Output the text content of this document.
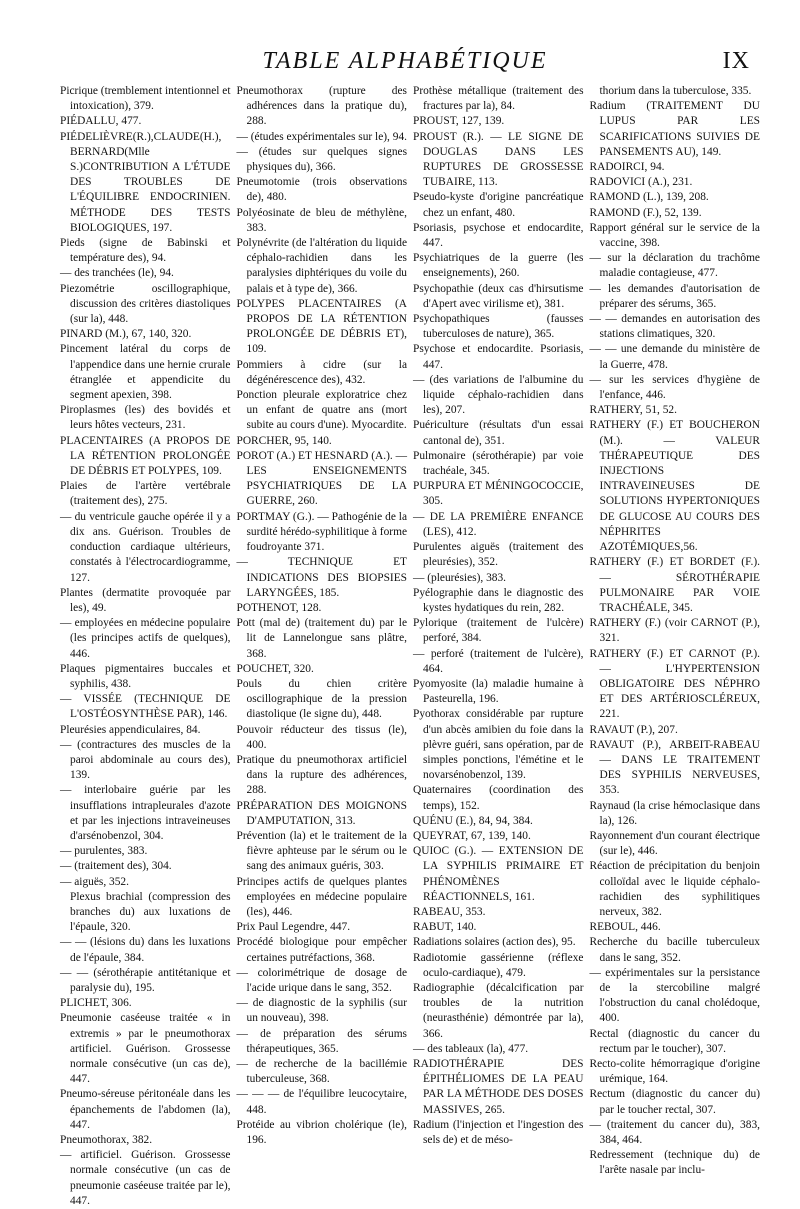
TABLE ALPHABÉTIQUE	IX

Picrique (tremblement intentionnel et intoxication), 379.

PIÉDALLU, 477.

PIÉDELIÈVRE(R.),CLAUDE(H.), BERNARD(Mlle S.)CONTRIBUTION A L'ÉTUDE DES TROUBLES DE L'ÉQUILIBRE ENDOCRINIEN. MÉTHODE DES TESTS BIOLOGIQUES, 197.

Pieds (signe de Babinski et température des), 94.

— des tranchées (le), 94.

Piezométrie oscillographique, discussion des critères diastoliques (sur la), 448.

PINARD (M.), 67, 140, 320.

Pincement latéral du corps de l'appendice dans une hernie crurale étranglée et appendicite du segment apexien, 398.

Piroplasmes (les) des bovidés et leurs hôtes vecteurs, 231.

PLACENTAIRES (A PROPOS DE LA RÉTENTION PROLONGÉE DE DÉBRIS ET POLYPES, 109.

Plaies de l'artère vertébrale (traitement des), 275.

— du ventricule gauche opérée il y a dix ans. Guérison. Troubles de conduction cardiaque ultérieurs, constatés à l'électrocardiogramme, 127.

Plantes (dermatite provoquée par les), 49.

— employées en médecine populaire (les principes actifs de quelques), 446.

Plaques pigmentaires buccales et syphilis, 438.

— VISSÉE (TECHNIQUE DE L'OSTÉOSYNTHÈSE PAR), 146.

Pleurésies appendiculaires, 84.

— (contractures des muscles de la paroi abdominale au cours des), 139.

— interlobaire guérie par les insufflations intrapleurales d'azote et par les injections intraveineuses d'arsénobenzol, 304.

— purulentes, 383.

— (traitement des), 304.

— aiguës, 352.

Plexus brachial (compression des branches du) aux luxations de l'épaule, 320.

— — (lésions du) dans les luxations de l'épaule, 384.

— — (sérothérapie antitétanique et paralysie du), 195.

PLICHET, 306.

Pneumonie caséeuse traitée « in extremis » par le pneumothorax artificiel. Guérison. Grossesse normale consécutive (un cas de), 447.

Pneumo-séreuse péritonéale dans les épanchements de l'abdomen (la), 447.

Pneumothorax, 382.

— artificiel. Guérison. Grossesse normale consécutive (un cas de pneumonie caséeuse traitée par le), 447.

Pneumothorax (rupture des adhérences dans la pratique du), 288.

— (études expérimentales sur le), 94.

— (études sur quelques signes physiques du), 366.

Pneumotomie (trois observations de), 480.

Polyéosinate de bleu de méthylène, 383.

Polynévrite (de l'altération du liquide céphalo-rachidien dans les paralysies diphtériques du voile du palais et à type de), 366.

POLYPES PLACENTAIRES (A PROPOS DE LA RÉTENTION PROLONGÉE DE DÉBRIS ET), 109.

Pommiers à cidre (sur la dégénérescence des), 432.

Ponction pleurale exploratrice chez un enfant de quatre ans (mort subite au cours d'une). Myocardite.

PORCHER, 95, 140.

POROT (A.) ET HESNARD (A.). — LES ENSEIGNEMENTS PSYCHIATRIQUES DE LA GUERRE, 260.

PORTMAY (G.). — Pathogénie de la surdité hérédo-syphilitique à forme foudroyante 371.

— TECHNIQUE ET INDICATIONS DES BIOPSIES LARYNGÉES, 185.

POTHENOT, 128.

Pott (mal de) (traitement du) par le lit de Lannelongue sans plâtre, 368.

POUCHET, 320.

Pouls du chien critère oscillographique de la pression diastolique (le signe du), 448.

Pouvoir réducteur des tissus (le), 400.

Pratique du pneumothorax artificiel dans la rupture des adhérences, 288.

PRÉPARATION DES MOIGNONS D'AMPUTATION, 313.

Prévention (la) et le traitement de la fièvre aphteuse par le sérum ou le sang des animaux guéris, 303.

Principes actifs de quelques plantes employées en médecine populaire (les), 446.

Prix Paul Legendre, 447.

Procédé biologique pour empêcher certaines putréfactions, 368.

— colorimétrique de dosage de l'acide urique dans le sang, 352.

— de diagnostic de la syphilis (sur un nouveau), 398.

— de préparation des sérums thérapeutiques, 365.

— de recherche de la bacillémie tuberculeuse, 368.

— — — de l'équilibre leucocytaire, 448.

Protéide au vibrion cholérique (le), 196.

Prothèse métallique (traitement des fractures par la), 84.

PROUST, 127, 139.

PROUST (R.). — LE SIGNE DE DOUGLAS DANS LES RUPTURES DE GROSSESSE TUBAIRE, 113.

Pseudo-kyste d'origine pancréatique chez un enfant, 480.

Psoriasis, psychose et endocardite, 447.

Psychiatriques de la guerre (les enseignements), 260.

Psychopathie (deux cas d'hirsutisme d'Apert avec virilisme et), 381.

Psychopathiques (fausses tuberculoses de nature), 365.

Psychose et endocardite. Psoriasis, 447.

— (des variations de l'albumine du liquide céphalo-rachidien dans les), 207.

Puériculture (résultats d'un essai cantonal de), 351.

Pulmonaire (sérothérapie) par voie trachéale, 345.

PURPURA ET MÉNINGOCOCCIE, 305.

— DE LA PREMIÈRE ENFANCE (LES), 412.

Purulentes aiguës (traitement des pleurésies), 352.

— (pleurésies), 383.

Pyélographie dans le diagnostic des kystes hydatiques du rein, 282.

Pylorique (traitement de l'ulcère) perforé, 384.

— perforé (traitement de l'ulcère), 464.

Pyomyosite (la) maladie humaine à Pasteurella, 196.

Pyothorax considérable par rupture d'un abcès amibien du foie dans la plèvre guéri, sans opération, par de simples ponctions, l'émétine et le novarsénobenzol, 139.

Quaternaires (coordination des temps), 152.

QUÉNU (E.), 84, 94, 384.

QUEYRAT, 67, 139, 140.

QUIOC (G.). — EXTENSION DE LA SYPHILIS PRIMAIRE ET PHÉNOMÈNES RÉACTIONNELS, 161.

RABEAU, 353.

RABUT, 140.

Radiations solaires (action des), 95.

Radiotomie gassérienne (réflexe oculo-cardiaque), 479.

Radiographie (décalcification par troubles de la nutrition (neurasthénie) démontrée par la), 366.

— des tableaux (la), 477.

RADIOTHÉRAPIE DES ÉPITHÉLIOMES DE LA PEAU PAR LA MÉTHODE DES DOSES MASSIVES, 265.

Radium (l'injection et l'ingestion des sels de) et de méso-

thorium dans la tuberculose, 335.

Radium (TRAITEMENT DU LUPUS PAR LES SCARIFICATIONS SUIVIES DE PANSEMENTS AU), 149.

RADOIRCI, 94.

RADOVICI (A.), 231.

RAMOND (L.), 139, 208.

RAMOND (F.), 52, 139.

Rapport général sur le service de la vaccine, 398.

— sur la déclaration du trachôme maladie contagieuse, 477.

— les demandes d'autorisation de préparer des sérums, 365.

— — demandes en autorisation des stations climatiques, 320.

— — une demande du ministère de la Guerre, 478.

— sur les services d'hygiène de l'enfance, 446.

RATHERY, 51, 52.

RATHERY (F.) ET BOUCHERON (M.). — VALEUR THÉRAPEUTIQUE DES INJECTIONS INTRAVEINEUSES DE SOLUTIONS HYPERTONIQUES DE GLUCOSE AU COURS DES NÉPHRITES AZOTÉMIQUES,56.

RATHERY (F.) ET BORDET (F.). — SÉROTHÉRAPIE PULMONAIRE PAR VOIE TRACHÉALE, 345.

RATHERY (F.) (voir CARNOT (P.), 321.

RATHERY (F.) ET CARNOT (P.). — L'HYPERTENSION OBLIGATOIRE DES NÉPHRO ET DES ARTÉRIOSCLÉREUX, 221.

RAVAUT (P.), 207.

RAVAUT (P.), ARBEIT-RABEAU — DANS LE TRAITEMENT DES SYPHILIS NERVEUSES, 353.

Raynaud (la crise hémoclasique dans la), 126.

Rayonnement d'un courant électrique (sur le), 446.

Réaction de précipitation du benjoin colloïdal avec le liquide céphalo-rachidien des syphilitiques nerveux, 382.

REBOUL, 446.

Recherche du bacille tuberculeux dans le sang, 352.

— expérimentales sur la persistance de la stercobiline malgré l'obstruction du canal cholédoque, 400.

Rectal (diagnostic du cancer du rectum par le toucher), 307.

Recto-colite hémorragique d'origine urémique, 164.

Rectum (diagnostic du cancer du) par le toucher rectal, 307.

— (traitement du cancer du), 383, 384, 464.

Redressement (technique du) de l'arête nasale par inclu-
